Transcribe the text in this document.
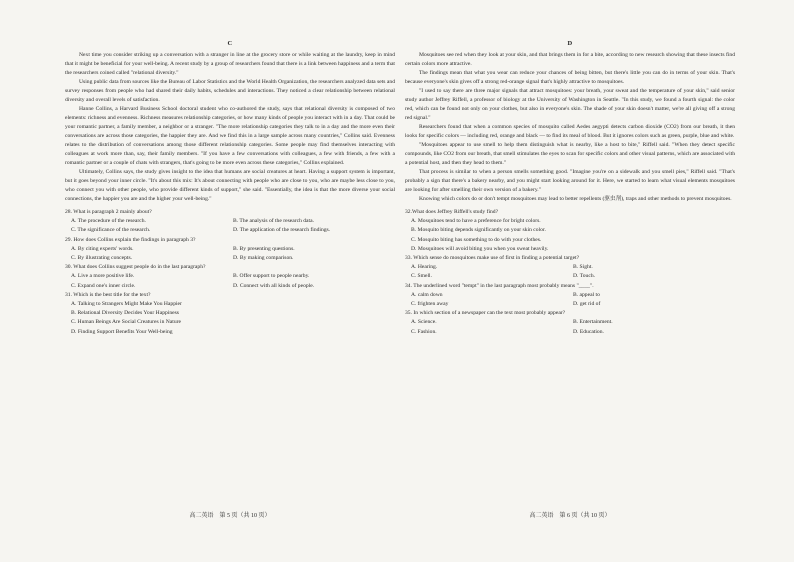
C

Next time you consider striking up a conversation with a stranger in line at the grocery store or while waiting at the laundry, keep in mind that it might be beneficial for your well-being. A recent study by a group of researchers found that there is a link between happiness and a term that the researchers coined called "relational diversity."

Using public data from sources like the Bureau of Labor Statistics and the World Health Organization, the researchers analyzed data sets and survey responses from people who had shared their daily habits, schedules and interactions. They noticed a clear relationship between relational diversity and overall levels of satisfaction.

Hanne Collins, a Harvard Business School doctoral student who co-authored the study, says that relational diversity is composed of two elements: richness and evenness. Richness measures relationship categories, or how many kinds of people you interact with in a day. That could be your romantic partner, a family member, a neighbor or a stranger. "The more relationship categories they talk to in a day and the more even their conversations are across those categories, the happier they are. And we find this in a large sample across many countries," Collins said. Evenness relates to the distribution of conversations among those different relationship categories. Some people may find themselves interacting with colleagues at work more than, say, their family members. "If you have a few conversations with colleagues, a few with friends, a few with a romantic partner or a couple of chats with strangers, that's going to be more even across these categories," Collins explained.

Ultimately, Collins says, the study gives insight to the idea that humans are social creatures at heart. Having a support system is important, but it goes beyond your inner circle. "It's about this mix: It's about connecting with people who are close to you, who are maybe less close to you, who connect you with other people, who provide different kinds of support," she said. "Essentially, the idea is that the more diverse your social connections, the happier you are and the higher your well-being."

28. What is paragraph 2 mainly about?

A. The procedure of the research.	B. The analysis of the research data.
C. The significance of the research.	D. The application of the research findings.

29. How does Collins explain the findings in paragraph 3?

A. By citing experts' words.	B. By presenting questions.
C. By illustrating concepts.	D. By making comparison.

30. What does Collins suggest people do in the last paragraph?

A. Live a more positive life.	B. Offer support to people nearby.
C. Expand one's inner circle.	D. Connect with all kinds of people.

31. Which is the best title for the text?

A. Talking to Strangers Might Make You Happier
B. Relational Diversity Decides Your Happiness
C. Human Beings Are Social Creatures in Nature
D. Finding Support Benefits Your Well-being
D

Mosquitoes see red when they look at your skin, and that brings them in for a bite, according to new research showing that these insects find certain colors more attractive.

The findings mean that what you wear can reduce your chances of being bitten, but there's little you can do in terms of your skin. That's because everyone's skin gives off a strong red-orange signal that's highly attractive to mosquitoes.

"I used to say there are three major signals that attract mosquitoes: your breath, your sweat and the temperature of your skin," said senior study author Jeffrey Riffell, a professor of biology at the University of Washington in Seattle. "In this study, we found a fourth signal: the color red, which can be found not only on your clothes, but also in everyone's skin. The shade of your skin doesn't matter, we're all giving off a strong red signal."

Researchers found that when a common species of mosquito called Aedes aegypti detects carbon dioxide (CO2) from our breath, it then looks for specific colors — including red, orange and black — to find its meal of blood. But it ignores colors such as green, purple, blue and white.

"Mosquitoes appear to use smell to help them distinguish what is nearby, like a host to bite," Riffell said. "When they detect specific compounds, like CO2 from our breath, that smell stimulates the eyes to scan for specific colors and other visual patterns, which are associated with a potential host, and then they head to them."

That process is similar to when a person smells something good. "Imagine you're on a sidewalk and you smell pies," Riffell said. "That's probably a sign that there's a bakery nearby, and you might start looking around for it. Here, we started to learn what visual elements mosquitoes are looking for after smelling their own version of a bakery."

Knowing which colors do or don't tempt mosquitoes may lead to better repellents (驱虫剂), traps and other methods to prevent mosquitoes.

32.What does Jeffrey Riffell's study find?

A. Mosquitoes tend to have a preference for bright colors.
B. Mosquito biting depends significantly on your skin color.
C. Mosquito biting has something to do with your clothes.
D. Mosquitoes will avoid biting you when you sweat heavily.

33. Which sense do mosquitoes make use of first in finding a potential target?

A. Hearing.	B. Sight.
C. Smell.	D. Touch.

34. The underlined word "tempt" in the last paragraph most probably means "____".

A. calm down	B. appeal to
C. frighten away	D. get rid of

35. In which section of a newspaper can the text most probably appear?

A. Science.	B. Entertainment.
C. Fashion.	D. Education.
高二英语　第 5 页（共 10 页）	高二英语　第 6 页（共 10 页）
